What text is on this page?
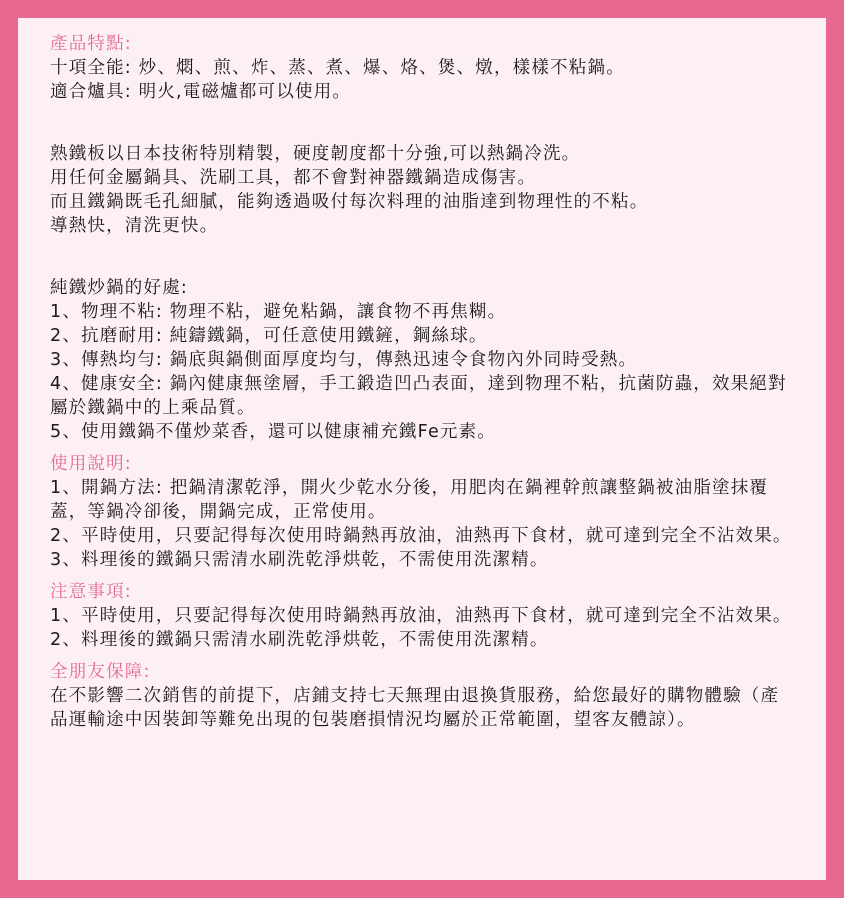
產品特點:
十項全能: 炒、燜、煎、炸、蒸、煮、爆、烙、煲、燉，樣樣不粘鍋。
適合爐具: 明火,電磁爐都可以使用。
熟鐵板以日本技術特別精製，硬度韌度都十分強,可以熱鍋冷洗。
用任何金屬鍋具、洗刷工具，都不會對神器鐵鍋造成傷害。
而且鐵鍋既毛孔細膩，能夠透過吸付每次料理的油脂達到物理性的不粘。
導熱快，清洗更快。
純鐵炒鍋的好處:
1、物理不粘: 物理不粘，避免粘鍋，讓食物不再焦糊。
2、抗磨耐用: 純鑄鐵鍋，可任意使用鐵鏟，鋼絲球。
3、傳熱均勻: 鍋底與鍋側面厚度均勻，傳熱迅速令食物內外同時受熱。
4、健康安全: 鍋內健康無塗層，手工鍛造凹凸表面，達到物理不粘，抗菌防蟲，效果絕對屬於鐵鍋中的上乘品質。
5、使用鐵鍋不僅炒菜香，還可以健康補充鐵Fe元素。
使用說明:
1、開鍋方法: 把鍋清潔乾淨，開火少乾水分後，用肥肉在鍋裡幹煎讓整鍋被油脂塗抹覆蓋，等鍋冷卻後，開鍋完成，正常使用。
2、平時使用，只要記得每次使用時鍋熱再放油，油熱再下食材，就可達到完全不沾效果。
3、料理後的鐵鍋只需清水刷洗乾淨烘乾，不需使用洗潔精。
注意事項:
1、平時使用，只要記得每次使用時鍋熱再放油，油熱再下食材，就可達到完全不沾效果。
2、料理後的鐵鍋只需清水刷洗乾淨烘乾，不需使用洗潔精。
全朋友保障:
在不影響二次銷售的前提下，店鋪支持七天無理由退換貨服務，給您最好的購物體驗（產品運輸途中因裝卸等難免出現的包裝磨損情況均屬於正常範圍，望客友體諒）。
